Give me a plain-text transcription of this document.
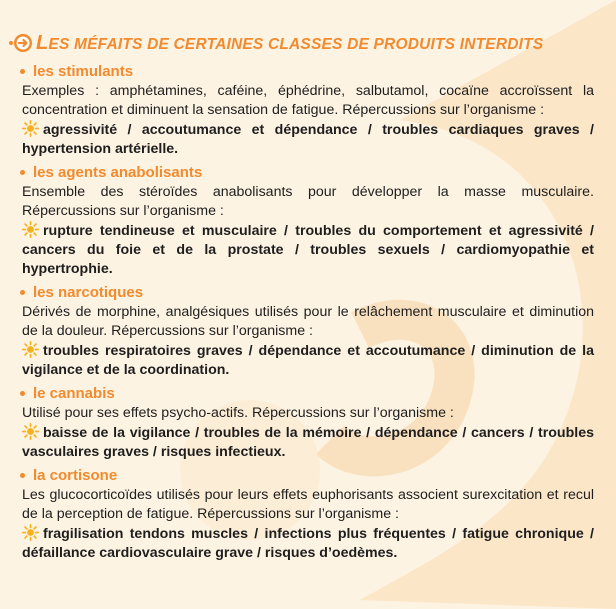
LES MÉFAITS DE CERTAINES CLASSES DE PRODUITS INTERDITS
les stimulants
Exemples : amphétamines, caféine, éphédrine, salbutamol, cocaïne accroïssent la concentration et diminuent la sensation de fatigue. Répercussions sur l’organisme :
agressivité / accoutumance et dépendance / troubles cardiaques graves / hypertension artérielle.
les agents anabolisants
Ensemble des stéroïdes anabolisants pour développer la masse musculaire. Répercussions sur l’organisme :
rupture tendineuse et musculaire / troubles du comportement et agressivité / cancers du foie et de la prostate / troubles sexuels / cardiomyopathie et hypertrophie.
les narcotiques
Dérivés de morphine, analgésiques utilisés pour le relâchement musculaire et diminution de la douleur. Répercussions sur l’organisme :
troubles respiratoires graves / dépendance et accoutumance / diminution de la vigilance et de la coordination.
le cannabis
Utilisé pour ses effets psycho-actifs. Répercussions sur l’organisme :
baisse de la vigilance / troubles de la mémoire / dépendance / cancers / troubles vasculaires graves / risques infectieux.
la cortisone
Les glucocorticoïdes utilisés pour leurs effets euphorisants associent surexcitation et recul de la perception de fatigue. Répercussions sur l’organisme :
fragilisation tendons muscles / infections plus fréquentes / fatigue chronique / défaillance cardiovasculaire grave / risques d’oedèmes.
